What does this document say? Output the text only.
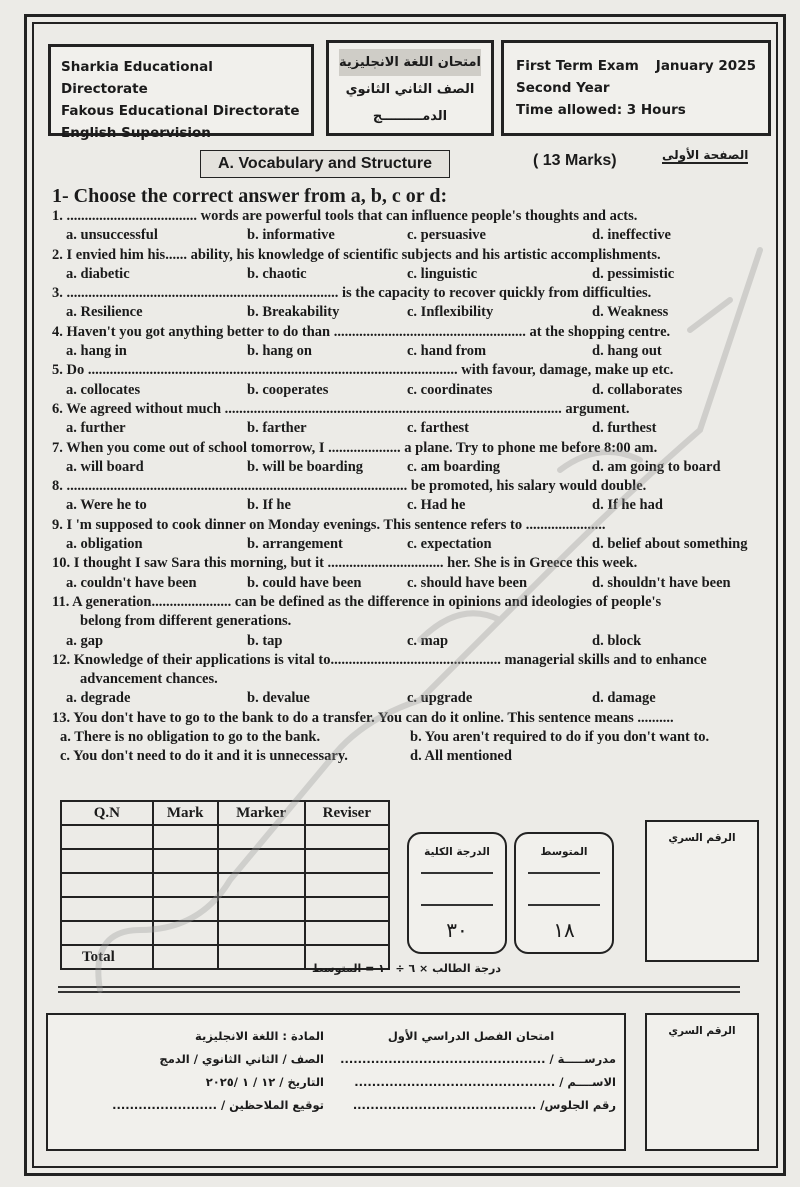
Sharkia Educational Directorate
Fakous Educational Directorate
English Supervision
امتحان اللغة الانجليزية
الصف الثاني الثانوي
الدمـــــــــج
First Term Exam January 2025
Second Year
Time allowed: 3 Hours
A. Vocabulary and Structure	( 13 Marks)	الصفحة الأولى
1- Choose the correct answer from a, b, c or d:
1. .................................... words are powerful tools that can influence people's thoughts and acts.
a. unsuccessful	b. informative	c. persuasive	d. ineffective
2. I envied him his...... ability, his knowledge of scientific subjects and his artistic accomplishments.
a. diabetic	b. chaotic	c. linguistic	d. pessimistic
3. ........................................................................... is the capacity to recover quickly from difficulties.
a. Resilience	b. Breakability	c. Inflexibility	d. Weakness
4. Haven't you got anything better to do than ..................................................... at the shopping centre.
a. hang in	b. hang on	c. hand from	d. hang out
5. Do ...................................................................................................... with favour, damage, make up etc.
a. collocates	b. cooperates	c. coordinates	d. collaborates
6. We agreed without much ............................................................................................. argument.
a. further	b. farther	c. farthest	d. furthest
7. When you come out of school tomorrow, I .................... a plane. Try to phone me before 8:00 am.
a. will board	b. will be boarding	c. am boarding	d. am going to board
8. .............................................................................................. be promoted, his salary would double.
a. Were he to	b. If he	c. Had he	d. If he had
9. I 'm supposed to cook dinner on Monday evenings. This sentence refers to ......................
a. obligation	b. arrangement	c. expectation	d. belief about something
10. I thought I saw Sara this morning, but it ................................ her. She is in Greece this week.
a. couldn't have been	b. could have been	c. should have been	d. shouldn't have been
11. A generation...................... can be defined as the difference in opinions and ideologies of people's
belong from different generations.
a. gap	b. tap	c. map	d. block
12. Knowledge of their applications is vital to............................................... managerial skills and to enhance
advancement chances.
a. degrade	b. devalue	c. upgrade	d. damage
13. You don't have to go to the bank to do a transfer. You can do it online. This sentence means ..........
a. There is no obligation to go to the bank.	b. You aren't required to do if you don't want to.
c. You don't need to do it and it is unnecessary.	d. All mentioned
Q.N	Mark	Marker	Reviser

Total			
الدرجة الكلية
٣٠
المتوسط
١٨
الرقم السري
درجة الطالب × ٦ ÷ ١٠ = المتوسط
امتحان الفصل الدراسي الأول
مدرســـــة / ...............................................
الاســــم / ..............................................
رقم الجلوس/ ..........................................
المادة : اللغة الانجليزية
الصف / الثاني الثانوي / الدمج
التاريخ / ١٢ / ١ /٢٠٢٥
توقيع الملاحظين / ........................
الرقم السري
